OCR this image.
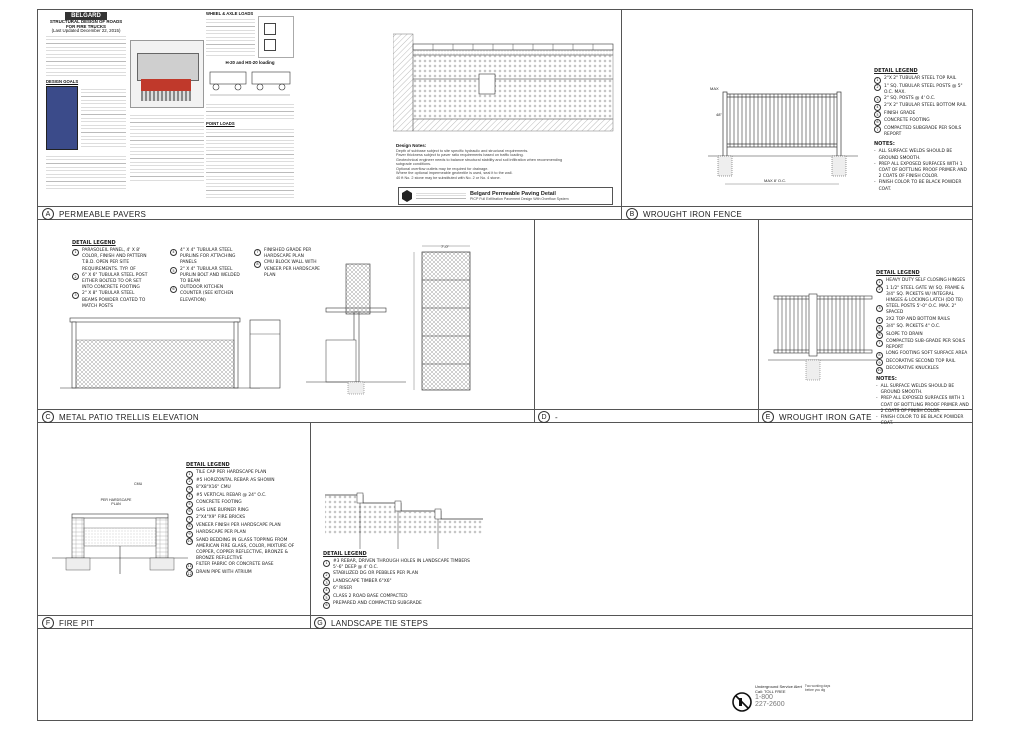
A	PERMEABLE PAVERS	B	WROUGHT IRON FENCE
C	METAL PATIO TRELLIS ELEVATION	D	-	E	WROUGHT IRON GATE
F	FIRE PIT	G	LANDSCAPE TIE STEPS
BELGARD
STRUCTURAL DESIGN OF ROADS FOR FIRE TRUCKS
(Last Updated December 22, 2015)
DESIGN GOALS
WHEEL & AXLE LOADS
H-20 and HS-20 loading
POINT LOADS
Design Notes:
Depth of subbase subject to site specific hydraulic and structural requirements.
Paver thickness subject to paver ratio requirements based on traffic loading.
Geotechnical engineer needs to balance structural stability and soil infiltration when recommending subgrade conditions.
Optional overflow outlets may be required for drainage.
Where the optional impermeable geotextile is used, seal it to the wall.
40 ft No. 2 stone may be substituted with No. 2 or No. 4 stone.
Belgard Permeable Paving Detail
PICP Full Exfiltration Pavement Design With Overflow System
MAX 8' O.C.
MAX
48"
DETAIL LEGEND
1	2"X 2" TUBULAR STEEL TOP RAIL
2	1" SQ. TUBULAR STEEL POSTS @ 5" O.C. MAX.
3	2" SQ. POSTS @ 4' O.C.
4	2"X 2" TUBULAR STEEL BOTTOM RAIL
5	FINISH GRADE
6	CONCRETE FOOTING
7	COMPACTED SUBGRADE PER SOILS REPORT
NOTES:
- ALL SURFACE WELDS SHOULD BE GROUND SMOOTH.
- PREP ALL EXPOSED SURFACES WITH 1 COAT OF BOTTLING PROOF PRIMER AND 2 COATS OF FINISH COLOR.
- FINISH COLOR TO BE BLACK POWDER COAT.
DETAIL LEGEND
1	PARASOLEIL PANEL, 4' X 8' COLOR, FINISH AND PATTERN T.B.D. OPEN PER SITE REQUIREMENTS. TYP. OF
2	6" X 6" TUBULAR STEEL POST EITHER BOLTED TO OR SET INTO CONCRETE FOOTING
3	2" X 8" TUBULAR STEEL BEAMS POWDER COATED TO MATCH POSTS
4	4" X 4" TUBULAR STEEL PURLINS FOR ATTACHING PANELS
5	2" X 4" TUBULAR STEEL PURLIN BOLT AND WELDED TO BEAM
6	OUTDOOR KITCHEN COUNTER (SEE KITCHEN ELEVATION)
7	FINISHED GRADE PER HARDSCAPE PLAN
8	CMU BLOCK WALL WITH VENEER PER HARDSCAPE PLAN
7'-0"
DETAIL LEGEND
1	HEAVY DUTY SELF CLOSING HINGES
2	1 1/2" STEEL GATE W/ SQ. FRAME & 3/4" SQ. PICKETS W/ INTEGRAL HINGES & LOCKING LATCH (DO TB)
3	STEEL POSTS 5'-0" O.C. MAX. 2" SPACED
4	2X2 TOP AND BOTTOM RAILS
5	3/4" SQ. PICKETS 4" O.C.
6	SLOPE TO DRAIN
7	COMPACTED SUB-GRADE PER SOILS REPORT
8	LONG FOOTING SOFT SURFACE AREA
9	DECORATIVE SECOND TOP RAIL
10 DECORATIVE KNUCKLES
NOTES:
- ALL SURFACE WELDS SHOULD BE GROUND SMOOTH.
- PREP ALL EXPOSED SURFACES WITH 1 COAT OF BOTTLING PROOF PRIMER AND 2 COATS OF FINISH COLOR.
- FINISH COLOR TO BE BLACK POWDER COAT.
PER HARDSCAPE PLAN
CMU
DETAIL LEGEND
1	TILE CAP PER HARDSCAPE PLAN
2	#5 HORIZONTAL REBAR AS SHOWN
3	8"X8"X16" CMU
4	#5 VERTICAL REBAR @ 24" O.C.
5	CONCRETE FOOTING
6	GAS LINE BURNER RING
7	2"X4"X9" FIRE BRICKS
8	VENEER FINISH PER HARDSCAPE PLAN
9	HARDSCAPE PER PLAN
10 SAND BEDDING IN GLASS TOPPING FROM AMERICAN FIRE GLASS, COLOR, MIXTURE OF COPPER, COPPER REFLECTIVE, BRONZE & BRONZE REFLECTIVE
11 FILTER FABRIC OR CONCRETE BASE
12 DRAIN PIPE WITH ATRIUM
DETAIL LEGEND
1	#3 REBAR, DRIVEN THROUGH HOLES IN LANDSCAPE TIMBERS 5'-6" DEEP @ 4' O.C.
2	STABILIZED DG OR PEBBLES PER PLAN
3	LANDSCAPE TIMBER 6"X6"
4	6" RISER
5	CLASS 2 ROAD BASE COMPACTED
6	PREPARED AND COMPACTED SUBGRADE
Underground Service Alert
Call: TOLL FREE
1-800
227-2600
Two working days before you dig
